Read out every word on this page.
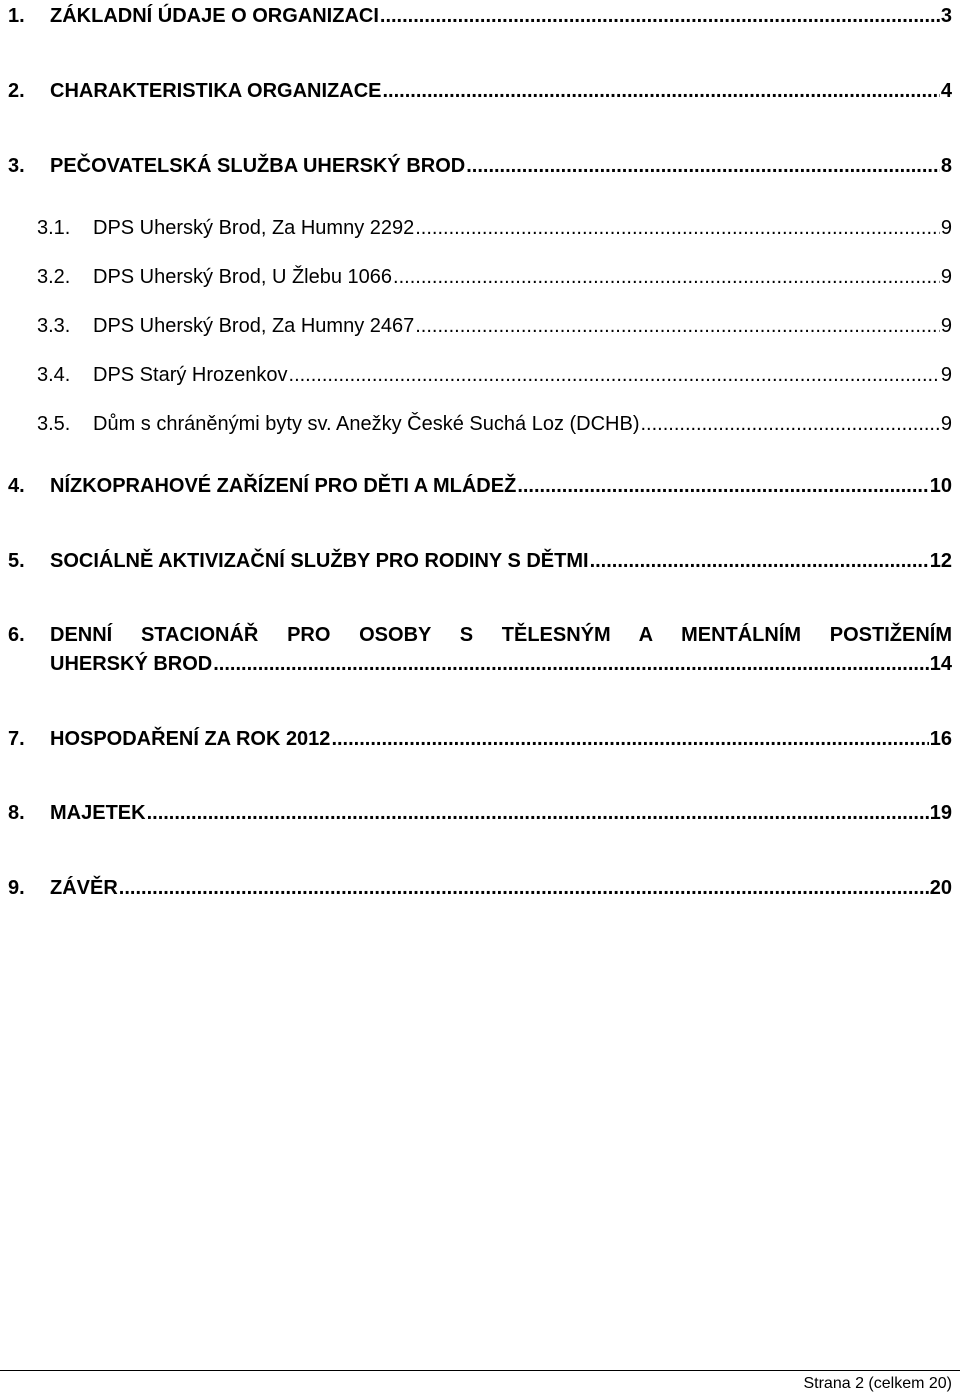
1.	ZÁKLADNÍ ÚDAJE O ORGANIZACI .....	3
2.	CHARAKTERISTIKA ORGANIZACE .....	4
3.	PEČOVATELSKÁ SLUŽBA UHERSKÝ BROD .....	8
3.1.	DPS Uherský Brod, Za Humny 2292 .....	9
3.2.	DPS Uherský Brod, U Žlebu 1066 .....	9
3.3.	DPS Uherský Brod, Za Humny 2467 .....	9
3.4.	DPS Starý Hrozenkov .....	9
3.5.	Dům s chráněnými byty sv. Anežky České Suchá Loz (DCHB) .....	9
4.	NÍZKOPRAHOVÉ ZAŘÍZENÍ PRO DĚTI A MLÁDEŽ .....	10
5.	SOCIÁLNĚ AKTIVIZAČNÍ SLUŽBY PRO RODINY S DĚTMI .....	12
6.	DENNÍ STACIONÁŘ PRO OSOBY S TĚLESNÝM A MENTÁLNÍM POSTIŽENÍM
UHERSKÝ BROD .....	14
7.	HOSPODAŘENÍ ZA ROK 2012 .....	16
8.	MAJETEK .....	19
9.	ZÁVĚR .....	20
Strana 2 (celkem 20)
